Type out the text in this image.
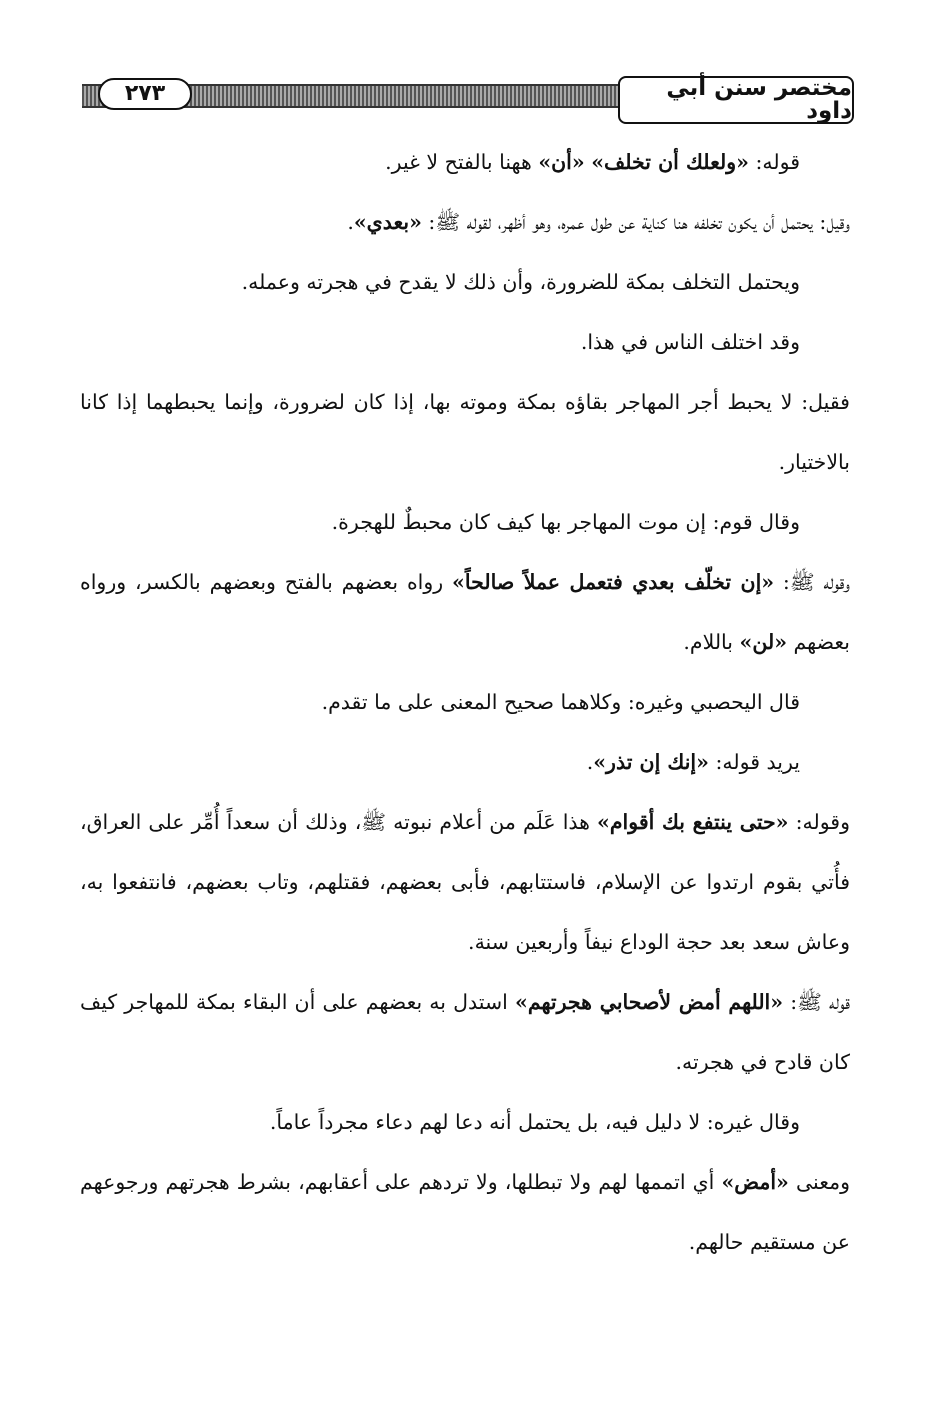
٢٧٣	مختصر سنن أبي داود

قوله: «ولعلك أن تخلف» «أن» ههنا بالفتح لا غير.

وقيل: يحتمل أن يكون تخلفه هنا كناية عن طول عمره، وهو أظهر، لقوله ﷺ: «بعدي».

ويحتمل التخلف بمكة للضرورة، وأن ذلك لا يقدح في هجرته وعمله.

وقد اختلف الناس في هذا.

فقيل: لا يحبط أجر المهاجر بقاؤه بمكة وموته بها، إذا كان لضرورة، وإنما يحبطهما إذا كانا بالاختيار.

وقال قوم: إن موت المهاجر بها كيف كان محبطٌ للهجرة.

وقوله ﷺ: «إن تخلّف بعدي فتعمل عملاً صالحاً» رواه بعضهم بالفتح وبعضهم بالكسر، ورواه بعضهم «لن» باللام.

قال اليحصبي وغيره: وكلاهما صحيح المعنى على ما تقدم.

يريد قوله: «إنك إن تذر».

وقوله: «حتى ينتفع بك أقوام» هذا عَلَم من أعلام نبوته ﷺ، وذلك أن سعداً أُمِّر على العراق، فأُتي بقوم ارتدوا عن الإسلام، فاستتابهم، فأبى بعضهم، فقتلهم، وتاب بعضهم، فانتفعوا به، وعاش سعد بعد حجة الوداع نيفاً وأربعين سنة.

قوله ﷺ: «اللهم أمض لأصحابي هجرتهم» استدل به بعضهم على أن البقاء بمكة للمهاجر كيف كان قادح في هجرته.

وقال غيره: لا دليل فيه، بل يحتمل أنه دعا لهم دعاء مجرداً عاماً.

ومعنى «أمض» أي اتممها لهم ولا تبطلها، ولا تردهم على أعقابهم، بشرط هجرتهم ورجوعهم عن مستقيم حالهم.
